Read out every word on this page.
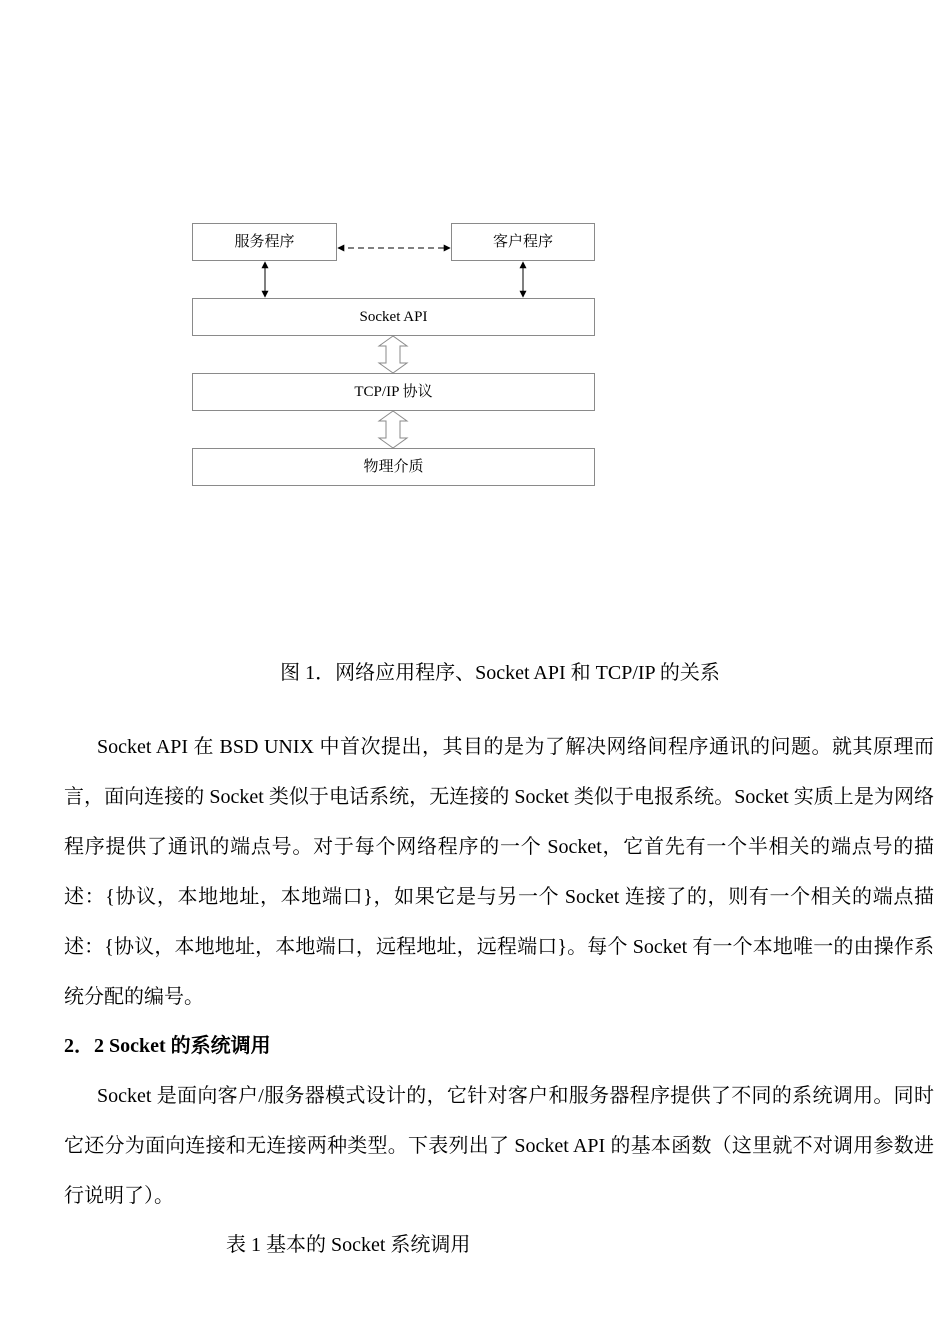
服务程序	客户程序
Socket API
TCP/IP 协议
物理介质
图 1．网络应用程序、Socket API 和 TCP/IP 的关系

Socket API 在 BSD UNIX 中首次提出，其目的是为了解决网络间程序通讯的问题。就其原理而言，面向连接的 Socket 类似于电话系统，无连接的 Socket 类似于电报系统。Socket 实质上是为网络程序提供了通讯的端点号。对于每个网络程序的一个 Socket，它首先有一个半相关的端点号的描述：{协议，本地地址，本地端口}，如果它是与另一个 Socket 连接了的，则有一个相关的端点描述：{协议，本地地址，本地端口，远程地址，远程端口}。每个 Socket 有一个本地唯一的由操作系统分配的编号。

2．2 Socket 的系统调用

Socket 是面向客户/服务器模式设计的，它针对客户和服务器程序提供了不同的系统调用。同时它还分为面向连接和无连接两种类型。下表列出了 Socket API 的基本函数（这里就不对调用参数进行说明了）。

表 1 基本的 Socket 系统调用
